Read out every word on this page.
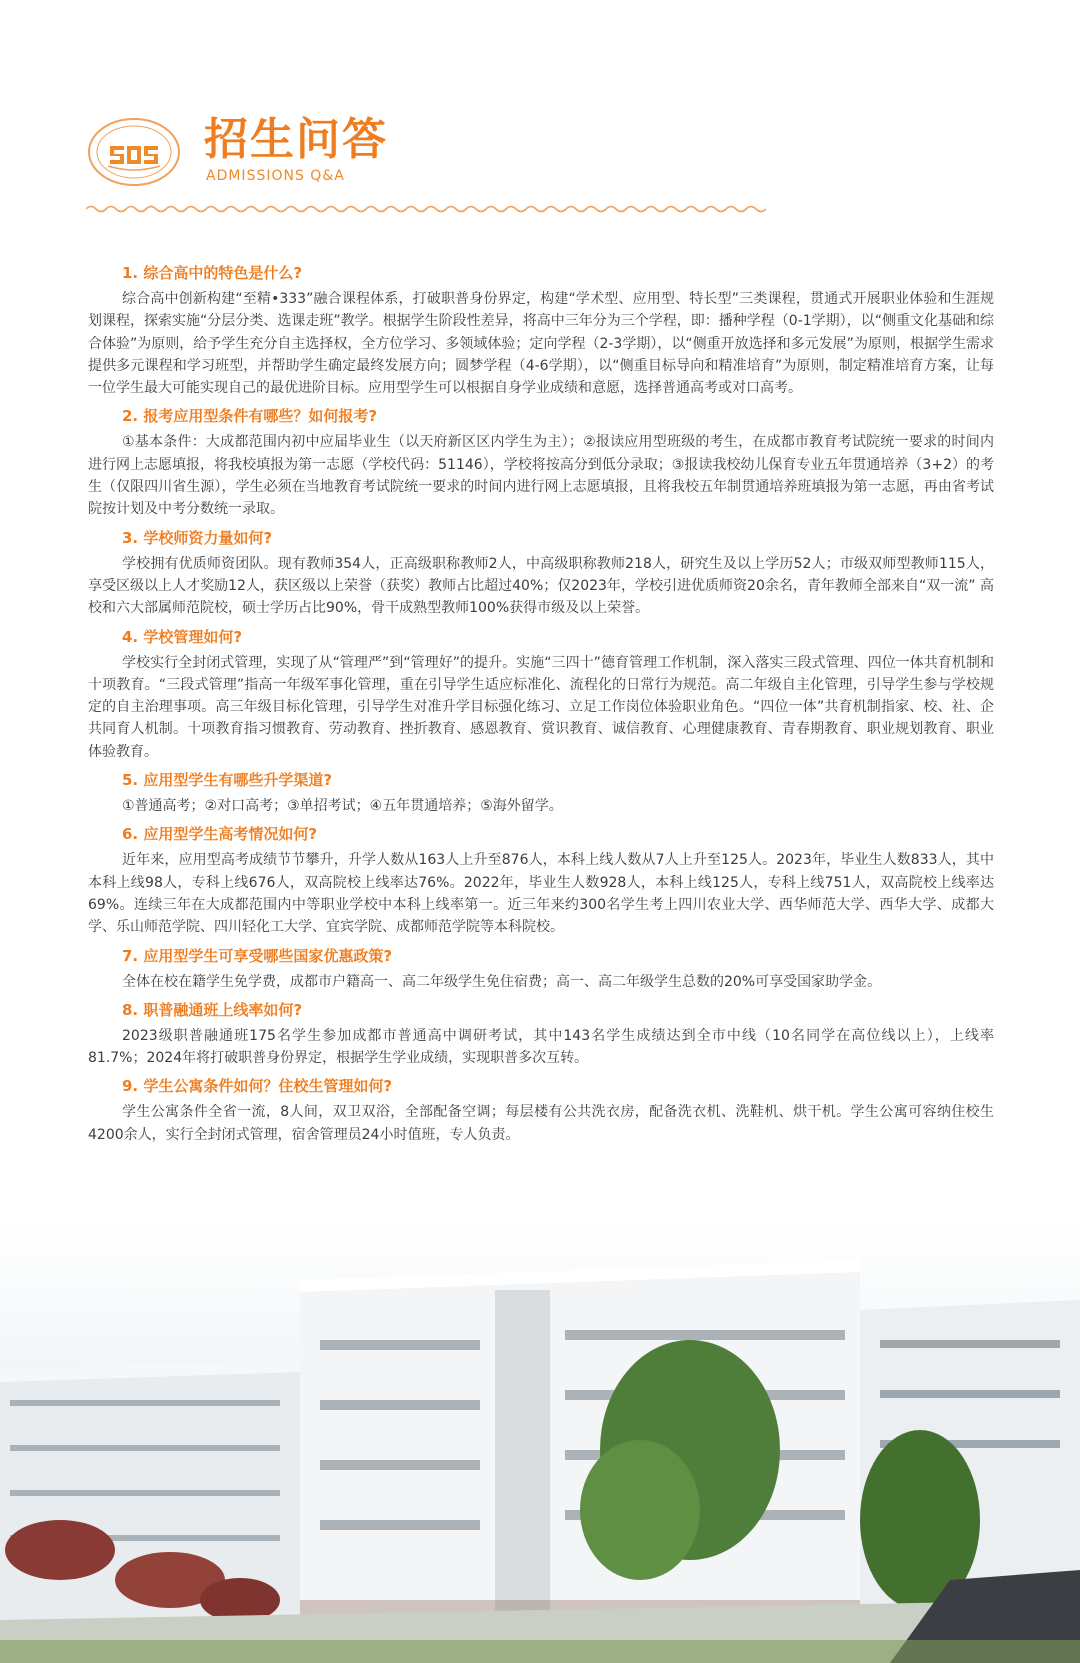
招生问答
ADMISSIONS Q&A

1. 综合高中的特色是什么?

综合高中创新构建“至精•333”融合课程体系，打破职普身份界定，构建“学术型、应用型、特长型”三类课程，贯通式开展职业体验和生涯规划课程，探索实施“分层分类、选课走班”教学。根据学生阶段性差异，将高中三年分为三个学程，即：播种学程（0-1学期），以“侧重文化基础和综合体验”为原则，给予学生充分自主选择权，全方位学习、多领域体验；定向学程（2-3学期），以“侧重开放选择和多元发展”为原则，根据学生需求提供多元课程和学习班型，并帮助学生确定最终发展方向；圆梦学程（4-6学期），以“侧重目标导向和精准培育”为原则，制定精准培育方案，让每一位学生最大可能实现自己的最优进阶目标。应用型学生可以根据自身学业成绩和意愿，选择普通高考或对口高考。

2. 报考应用型条件有哪些？如何报考?

①基本条件：大成都范围内初中应届毕业生（以天府新区区内学生为主）；②报读应用型班级的考生，在成都市教育考试院统一要求的时间内进行网上志愿填报，将我校填报为第一志愿（学校代码：51146），学校将按高分到低分录取；③报读我校幼儿保育专业五年贯通培养（3+2）的考生（仅限四川省生源），学生必须在当地教育考试院统一要求的时间内进行网上志愿填报，且将我校五年制贯通培养班填报为第一志愿，再由省考试院按计划及中考分数统一录取。

3. 学校师资力量如何?

学校拥有优质师资团队。现有教师354人，正高级职称教师2人，中高级职称教师218人，研究生及以上学历52人；市级双师型教师115人，享受区级以上人才奖励12人，获区级以上荣誉（获奖）教师占比超过40%；仅2023年，学校引进优质师资20余名，青年教师全部来自“双一流” 高校和六大部属师范院校，硕士学历占比90%，骨干成熟型教师100%获得市级及以上荣誉。

4. 学校管理如何?

学校实行全封闭式管理，实现了从“管理严”到“管理好”的提升。实施“三四十”德育管理工作机制，深入落实三段式管理、四位一体共育机制和十项教育。“三段式管理”指高一年级军事化管理，重在引导学生适应标准化、流程化的日常行为规范。高二年级自主化管理，引导学生参与学校规定的自主治理事项。高三年级目标化管理，引导学生对准升学目标强化练习、立足工作岗位体验职业角色。“四位一体”共育机制指家、校、社、企共同育人机制。十项教育指习惯教育、劳动教育、挫折教育、感恩教育、赏识教育、诚信教育、心理健康教育、青春期教育、职业规划教育、职业体验教育。

5. 应用型学生有哪些升学渠道?

①普通高考；②对口高考；③单招考试；④五年贯通培养；⑤海外留学。

6. 应用型学生高考情况如何?

近年来，应用型高考成绩节节攀升，升学人数从163人上升至876人，本科上线人数从7人上升至125人。2023年，毕业生人数833人，其中本科上线98人，专科上线676人，双高院校上线率达76%。2022年，毕业生人数928人，本科上线125人，专科上线751人，双高院校上线率达69%。连续三年在大成都范围内中等职业学校中本科上线率第一。近三年来约300名学生考上四川农业大学、西华师范大学、西华大学、成都大学、乐山师范学院、四川轻化工大学、宜宾学院、成都师范学院等本科院校。

7. 应用型学生可享受哪些国家优惠政策?

全体在校在籍学生免学费，成都市户籍高一、高二年级学生免住宿费；高一、高二年级学生总数的20%可享受国家助学金。

8. 职普融通班上线率如何?

2023级职普融通班175名学生参加成都市普通高中调研考试，其中143名学生成绩达到全市中线（10名同学在高位线以上），上线率81.7%；2024年将打破职普身份界定，根据学生学业成绩，实现职普多次互转。

9. 学生公寓条件如何？住校生管理如何?

学生公寓条件全省一流，8人间，双卫双浴，全部配备空调；每层楼有公共洗衣房，配备洗衣机、洗鞋机、烘干机。学生公寓可容纳住校生4200余人，实行全封闭式管理，宿舍管理员24小时值班，专人负责。
